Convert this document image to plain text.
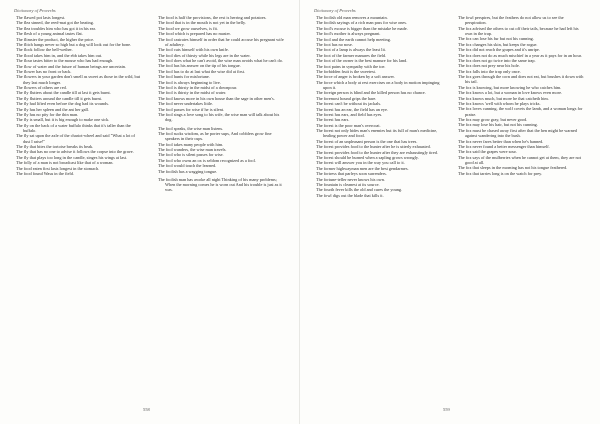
Dictionary of Proverbs

The flawed pot lasts longest.

The flea sinned, the reed-mat got the beating.

The flea troubles him who has got it in his ear.

The flesh of a young animal tastes flat.

The flimsier the product, the higher the price.

The flitch hangs never so high but a dog will look out for the bone.

The flock follow the bell-wether.

The flood takes him in, and the ebb takes him out.

The flour tastes bitter to the mouse who has had enough.

The flow of water and the future of human beings are uncertain.

The flower has no front or back.

The flowers in your garden don't smell as sweet as those in the wild, but they last much longer.

The flowers of others are red.

The fly flutters about the candle till at last it gets burnt.

The fly flutters around the candle till it gets burnt.

The fly had lifted even before the dog had its wounds.

The fly has her spleen and the ant her gall.

The fly has no pity for the thin man.

The fly is small, but it is big enough to make one sick.

The fly on the back of a water buffalo thinks that it's taller than the buffalo.

The fly sat upon the axle of the chariot-wheel and said "What a lot of dust I raise!"

The fly that bites the tortoise breaks its beak.

The fly that has no one to advise it follows the corpse into the grave.

The fly that plays too long in the candle, singes his wings at last.

The folly of a man is not broadcast like that of a woman.

The food eaten first lasts longest in the stomach.

The food found Wasu in the field.

The food is half the provisions, the rest is herring and potatoes.

The food that is in the mouth is not yet in the belly.

The food we grow ourselves, is fit.

The food which is prepared has no master.

The fool castrates himself in order that he could accuse his pregnant wife of adultery.

The fool cuts himself with his own knife.

The fool dies of thirsty while his legs are in the water.

The fool does what he can't avoid, the wise man avoids what he can't do.

The fool has his answer on the tip of his tongue.

The fool has to do at last what the wise did at first.

The fool hunts for misfortune.

The fool is always beginning to live.

The fool is thirsty in the midst of a downpour.

The fool is thirsty in the midst of water.

The fool knows more in his own house than the sage in other men's.

The fool never undertakes little.

The fool passes for wise if he is silent.

The fool sings a love song to his wife, the wise man will talk about his dog.

The fool speaks, the wise man listens.

The fool sucks wisdom, as he porter sups, And cobblers grow fine speakers in their cups.

The fool takes many people with him.

The fool wanders, the wise man travels.

The fool who is silent passes for wise.

The fool who owns an ox is seldom recognized as a fool.

The fool would touch the learned.

The foolish has a wagging tongue.

The foolish man has awoke all night Thinking of his many problems; When the morning comes he is worn out And his trouble is just as it was.

558
Dictionary of Proverbs

The foolish old man removes a mountain.

The foolish sayings of a rich man pass for wise ones.

The fool's excuse is bigger than the mistake he made.

The fool's mother is always pregnant.

The fool and the earth cannot help meeting.

The foot has no nose.

The foot of a lamp is always the least lit.

The foot of the farmer manures the field.

The foot of the owner is the best manure for his land.

The foot pains in sympathy with the toe.

The forbidden fruit is the sweetest.

The force of anger is broken by a soft answer.

The force which a body at rest exercises on a body in motion impinging upon it.

The foreign person is blind and the killed person has no chance.

The foremost hound grips the hare.

The forest can't be without its jackals.

The forest has an ear, the field has an eye.

The forest has ears, and field has eyes.

The forest has ears.

The forest is the poor man's overcoat.

The forest not only hides man's enemies but its full of man's medicine, healing power and food.

The forest of an unpleasant person is the one that has trees.

The forest provides food to the hunter after he is utterly exhausted.

The forest provides food to the hunter after they are exhaustingly tired.

The forest should be burned when a sapling grows wrongly.

The forest will answer you in the way you call to it.

The former highwayman men are the best gendarmes.

The fortress that parleys soon surrenders.

The fortune-teller never knows his own.

The fountain is cleanest at its source.

The fourth fever kills the old and cures the young.

The fowl digs out the blade that kills it.

The fowl perspires, but the feathers do not allow us to see the perspiration.

The fox advised the others to cut off their tails, because he had left his own in the trap.

The fox can lose his fur but not his cunning.

The fox changes his skin, but keeps the rogue.

The fox did not reach the grapes and it's unripe.

The fox does not do as much mischief in a year as it pays for in an hour.

The fox does not go twice into the same trap.

The fox does not prey near his hole.

The fox falls into the trap only once.

The fox goes through the corn and does not eat, but brushes it down with his tail.

The fox is knowing, but more knowing he who catches him.

The fox knows a lot, but a woman in love knows even more.

The fox knows much, but more he that catcheth him.

The fox knows 'well with whom he plays tricks.

The fox loves cunning, the wolf covets the lamb, and a woman longs for praise.

The fox may grow gray, but never good.

The fox may lose his hair, but not his cunning.

The fox must be chased away first after that the hen might be warned against wandering into the bush.

The fox never fares better than when he's banned.

The fox never found a better messenger than himself.

The fox said the grapes were sour.

The fox says of the mulberries when he cannot get at them, they are not good at all.

The fox that sleeps in the morning has not his tongue feathered.

The fox that tarries long is on the watch for prey.

559
